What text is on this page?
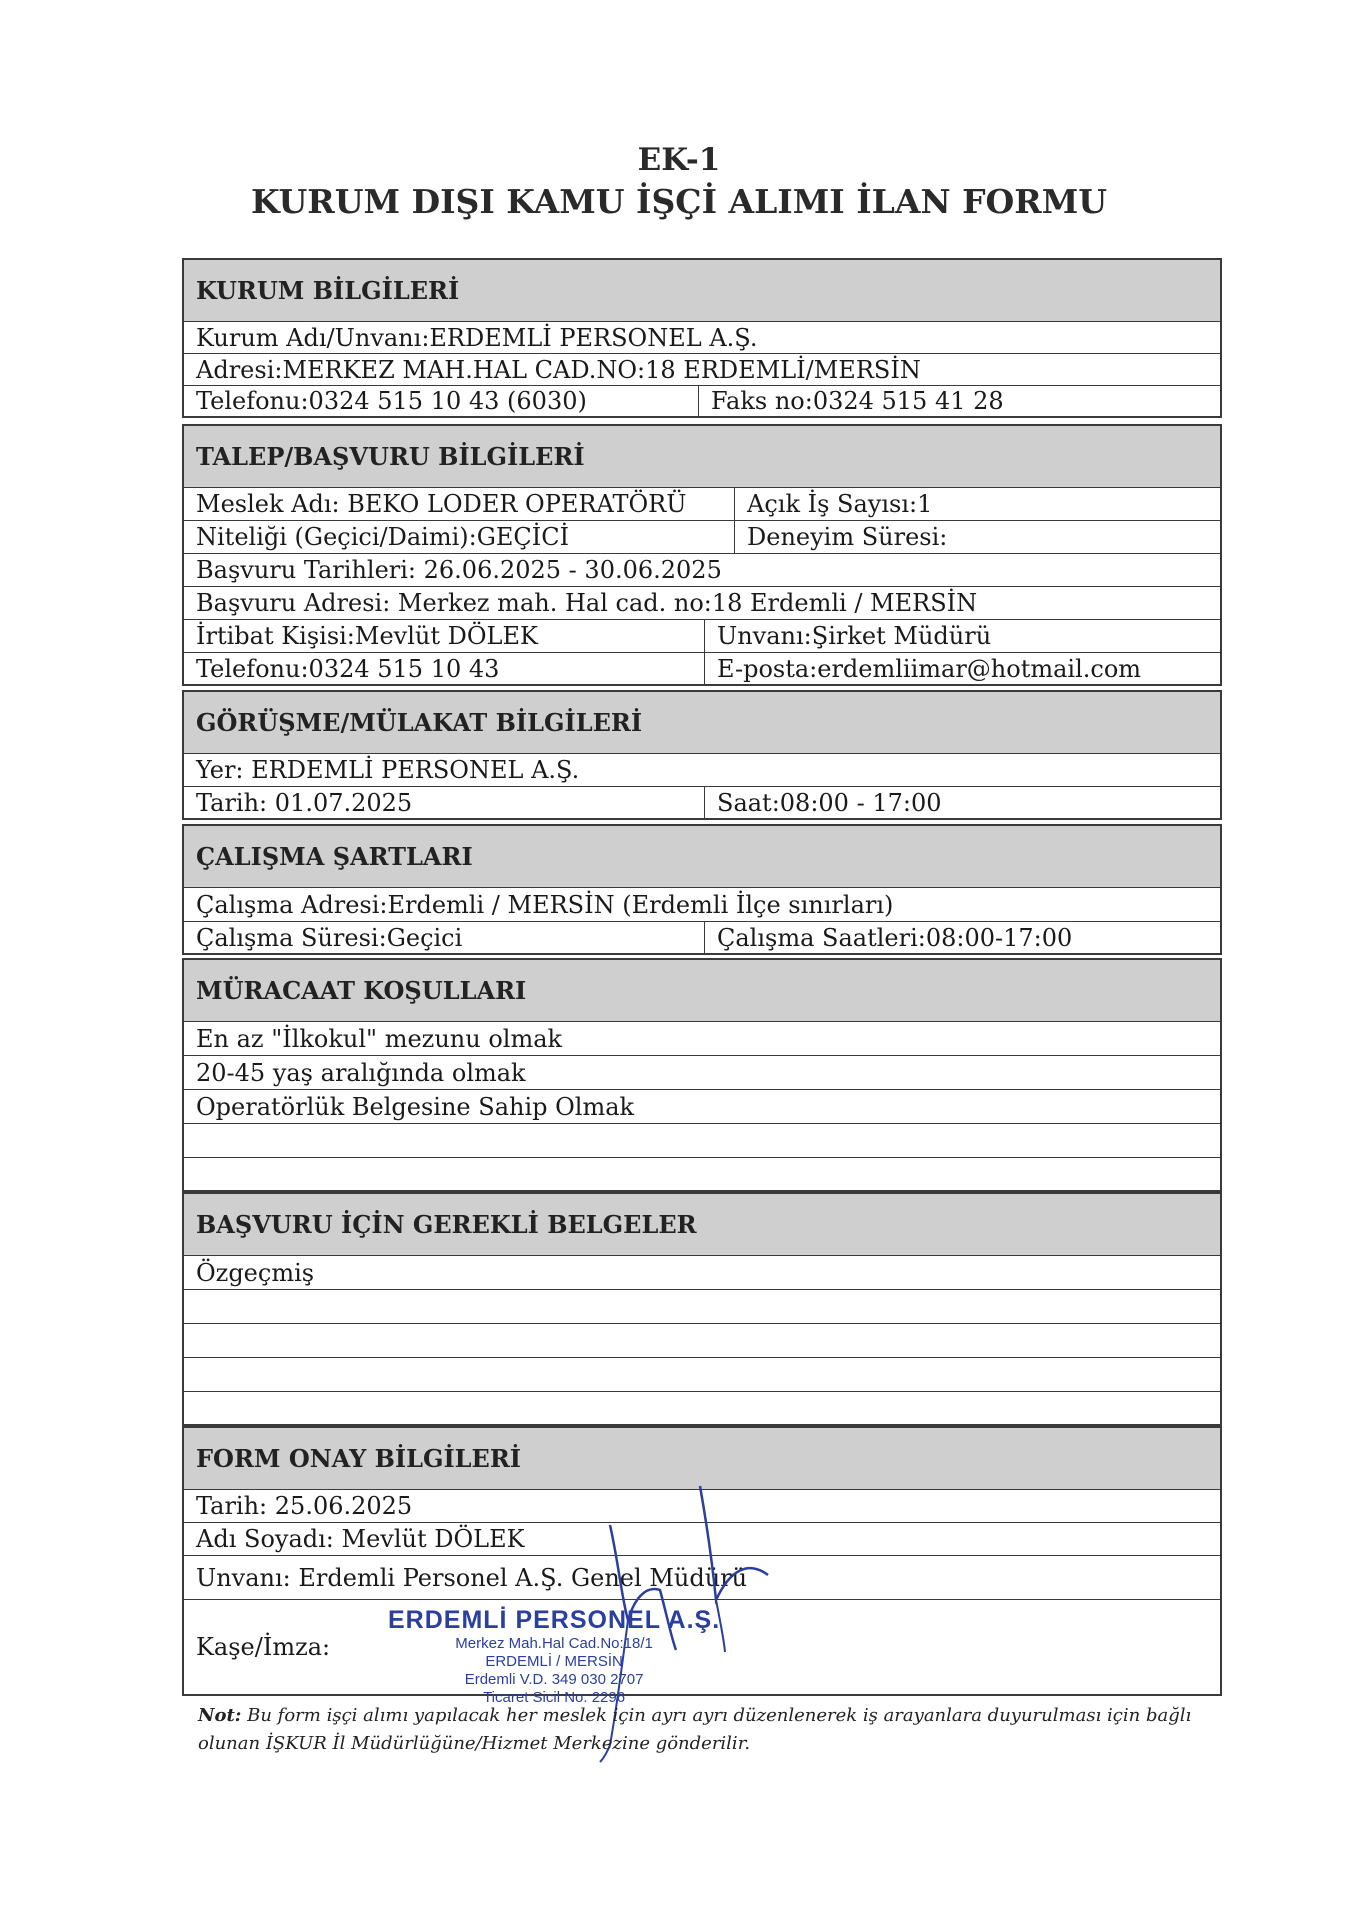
EK-1
KURUM DIŞI KAMU İŞÇİ ALIMI İLAN FORMU
KURUM BİLGİLERİ
Kurum Adı/Unvanı:ERDEMLİ PERSONEL A.Ş.
Adresi:MERKEZ MAH.HAL CAD.NO:18 ERDEMLİ/MERSİN
Telefonu:0324 515 10 43 (6030)	Faks no:0324 515 41 28
TALEP/BAŞVURU BİLGİLERİ
Meslek Adı: BEKO LODER OPERATÖRÜ	Açık İş Sayısı:1
Niteliği (Geçici/Daimi):GEÇİCİ	Deneyim Süresi:
Başvuru Tarihleri: 26.06.2025 - 30.06.2025
Başvuru Adresi: Merkez mah. Hal cad. no:18 Erdemli / MERSİN
İrtibat Kişisi:Mevlüt DÖLEK	Unvanı:Şirket Müdürü
Telefonu:0324 515 10 43	E-posta:erdemliimar@hotmail.com
GÖRÜŞME/MÜLAKAT BİLGİLERİ
Yer: ERDEMLİ PERSONEL A.Ş.
Tarih: 01.07.2025	Saat:08:00 - 17:00
ÇALIŞMA ŞARTLARI
Çalışma Adresi:Erdemli / MERSİN (Erdemli İlçe sınırları)
Çalışma Süresi:Geçici	Çalışma Saatleri:08:00-17:00
MÜRACAAT KOŞULLARI
En az "İlkokul" mezunu olmak
20-45 yaş aralığında olmak
Operatörlük Belgesine Sahip Olmak
BAŞVURU İÇİN GEREKLİ BELGELER
Özgeçmiş
FORM ONAY BİLGİLERİ
Tarih: 25.06.2025
Adı Soyadı: Mevlüt DÖLEK
Unvanı: Erdemli Personel A.Ş. Genel Müdürü
Kaşe/İmza:
ERDEMLİ PERSONEL A.Ş.
Merkez Mah.Hal Cad.No:18/1
ERDEMLİ / MERSİN
Erdemli V.D. 349 030 2707
Ticaret Sicil No: 2296
Not: Bu form işçi alımı yapılacak her meslek için ayrı ayrı düzenlenerek iş arayanlara duyurulması için bağlı olunan İŞKUR İl Müdürlüğüne/Hizmet Merkezine gönderilir.
